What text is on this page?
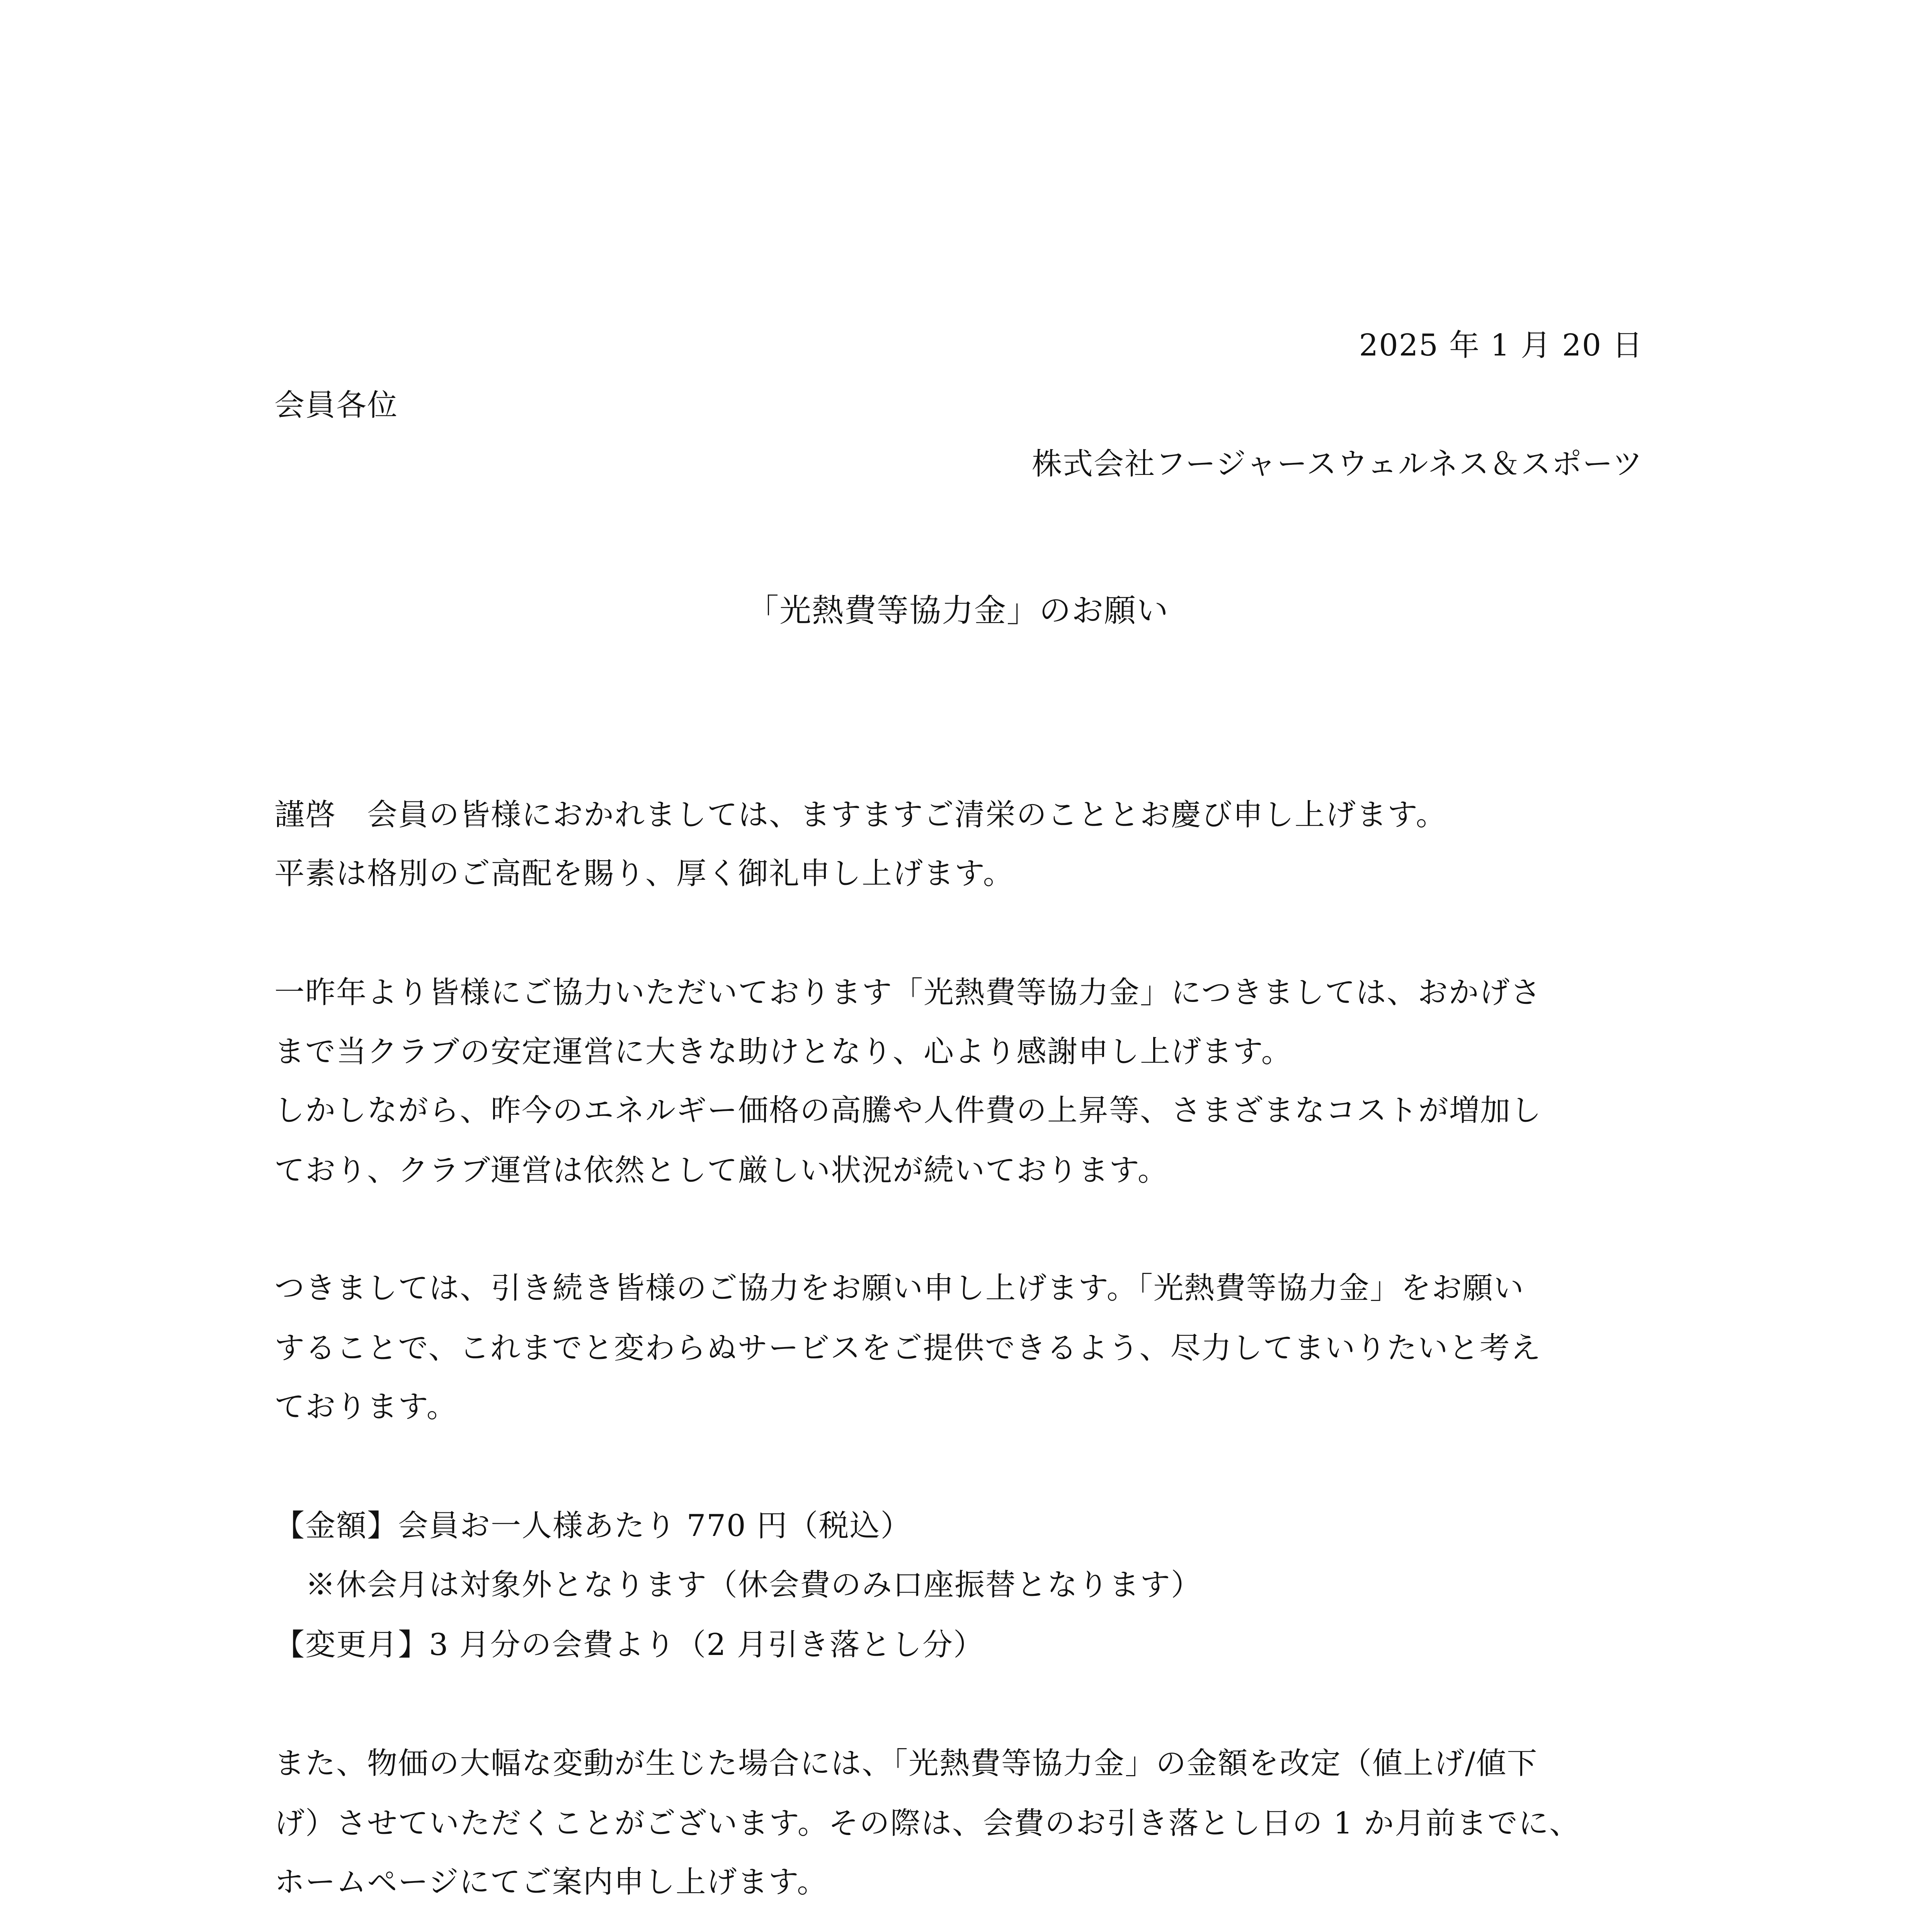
2025 年 1 月 20 日
会員各位
株式会社フージャースウェルネス＆スポーツ
「光熱費等協力金」のお願い
謹啓　会員の皆様におかれましては、ますますご清栄のこととお慶び申し上げます。
平素は格別のご高配を賜り、厚く御礼申し上げます。
一昨年より皆様にご協力いただいております「光熱費等協力金」につきましては、おかげさ
まで当クラブの安定運営に大きな助けとなり、心より感謝申し上げます。
しかしながら、昨今のエネルギー価格の高騰や人件費の上昇等、さまざまなコストが増加し
ており、クラブ運営は依然として厳しい状況が続いております。
つきましては、引き続き皆様のご協力をお願い申し上げます。「光熱費等協力金」をお願い
することで、これまでと変わらぬサービスをご提供できるよう、尽力してまいりたいと考え
ております。
【金額】会員お一人様あたり 770 円（税込）
※休会月は対象外となります（休会費のみ口座振替となります）
【変更月】3 月分の会費より（2 月引き落とし分）
また、物価の大幅な変動が生じた場合には、「光熱費等協力金」の金額を改定（値上げ/値下
げ）させていただくことがございます。その際は、会費のお引き落とし日の 1 か月前までに、
ホームページにてご案内申し上げます。
